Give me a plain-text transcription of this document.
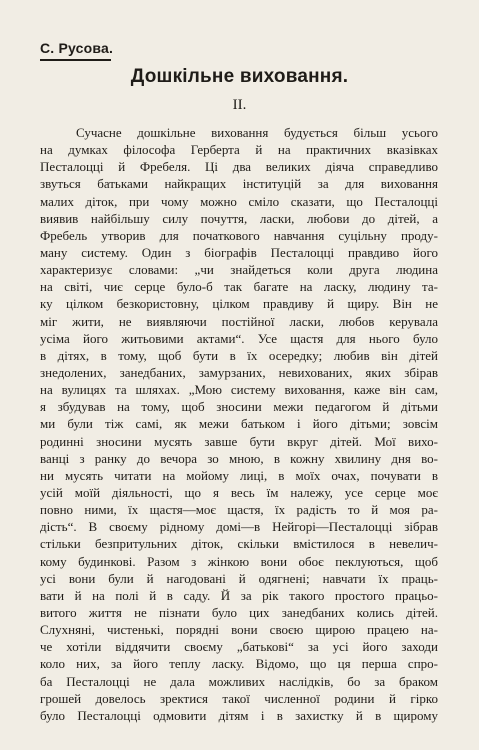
С. Русова.
Дошкільне виховання.
II.
Сучасне дошкільне виховання будується більш усього
на думках філософа Герберта й на практичних вказівках
Песталоцці й Фребеля. Ці два великих діяча справедливо
звуться батьками найкращих інституцій за для виховання
малих діток, при чому можно сміло сказати, що Песталоцці
виявив найбільшу силу почуття, ласки, любови до дітей, а
Фребель утворив для початкового навчання суцільну проду-
ману систему. Один з біографів Песталоцці правдиво його
характеризує словами: „чи знайдеться коли друга людина
на світі, чиє серце було-б так багате на ласку, людину та-
ку цілком безкористовну, цілком правдиву й щиру. Він не
міг жити, не виявляючи постійної ласки, любов керувала
усіма його житьовими актами“. Усе щастя для нього було
в дітях, в тому, щоб бути в їх осередку; любив він дітей
знедолених, занедбаних, замурзаних, невихованих, яких збірав
на вулицях та шляхах. „Мою систему виховання, каже він сам,
я збудував на тому, щоб зносини межи педагогом й дітьми
ми були тіж самі, як межи батьком і його дітьми; зовсім
родинні зносини мусять завше бути вкруг дітей. Мої вихо-
ванці з ранку до вечора зо мною, в кожну хвилину дня во-
ни мусять читати на мойому лиці, в моїх очах, почувати в
усій моїй діяльності, що я весь їм належу, усе серце моє
повно ними, їх щастя—моє щастя, їх радість то й моя ра-
дість“. В своєму рідному домі—в Нейгорі—Песталоцці зібрав
стільки безпритульних діток, скільки вмістилося в невелич-
кому будинкові. Разом з жінкою вони обоє пеклуються, щоб
усі вони були й нагодовані й одягнені; навчати їх праць-
вати й на полі й в саду. Й за рік такого простого працьо-
витого життя не пізнати було цих занедбаних колись дітей.
Слухняні, чистенькі, порядні вони своєю щирою працею на-
че хотіли віддячити своєму „батькові“ за усі його заходи
коло них, за його теплу ласку. Відомо, що ця перша спро-
ба Песталоцці не дала можливих наслідків, бо за браком
грошей довелось зректися такої численної родини й гірко
було Песталоцці одмовити дітям і в захистку й в щирому
